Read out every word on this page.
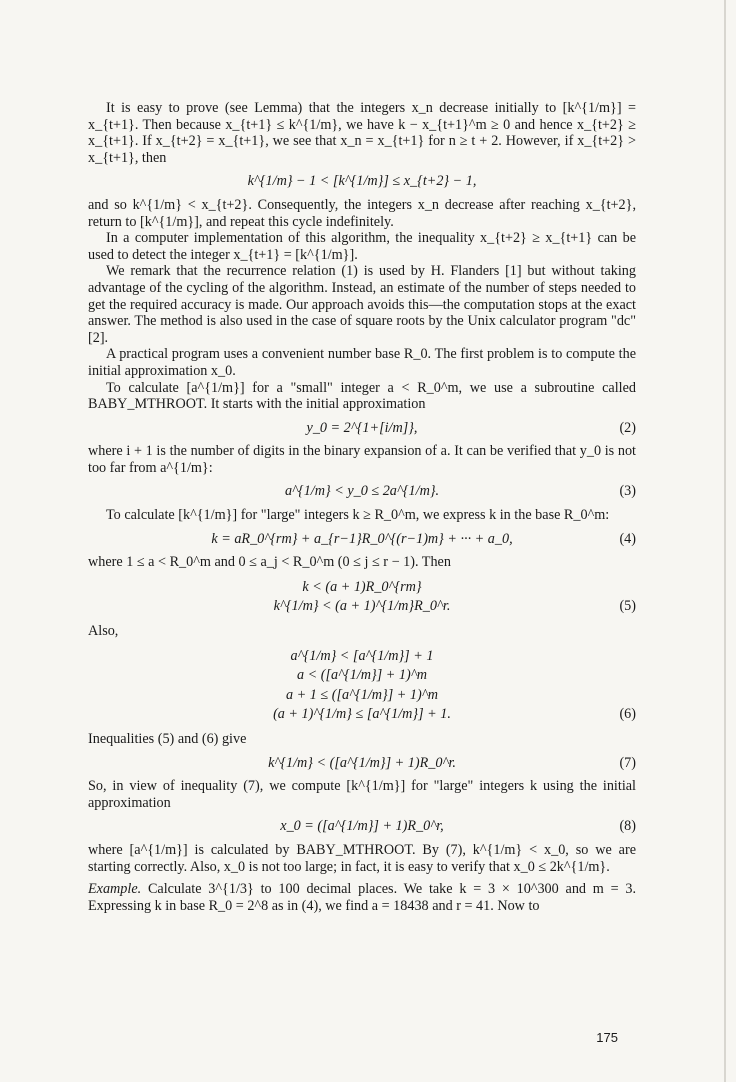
It is easy to prove (see Lemma) that the integers x_n decrease initially to [k^{1/m}] = x_{t+1}. Then because x_{t+1} ≤ k^{1/m}, we have k − x_{t+1}^m ≥ 0 and hence x_{t+2} ≥ x_{t+1}. If x_{t+2} = x_{t+1}, we see that x_n = x_{t+1} for n ≥ t + 2. However, if x_{t+2} > x_{t+1}, then

k^{1/m} − 1 < [k^{1/m}] ≤ x_{t+2} − 1,

and so k^{1/m} < x_{t+2}. Consequently, the integers x_n decrease after reaching x_{t+2}, return to [k^{1/m}], and repeat this cycle indefinitely.

In a computer implementation of this algorithm, the inequality x_{t+2} ≥ x_{t+1} can be used to detect the integer x_{t+1} = [k^{1/m}].

We remark that the recurrence relation (1) is used by H. Flanders [1] but without taking advantage of the cycling of the algorithm. Instead, an estimate of the number of steps needed to get the required accuracy is made. Our approach avoids this—the computation stops at the exact answer. The method is also used in the case of square roots by the Unix calculator program "dc" [2].

A practical program uses a convenient number base R_0. The first problem is to compute the initial approximation x_0.

To calculate [a^{1/m}] for a "small" integer a < R_0^m, we use a subroutine called BABY_MTHROOT. It starts with the initial approximation

y_0 = 2^{1+[i/m]},	(2)

where i + 1 is the number of digits in the binary expansion of a. It can be verified that y_0 is not too far from a^{1/m}:

a^{1/m} < y_0 ≤ 2a^{1/m}.	(3)

To calculate [k^{1/m}] for "large" integers k ≥ R_0^m, we express k in the base R_0^m:

k = aR_0^{rm} + a_{r−1}R_0^{(r−1)m} + ··· + a_0,	(4)

where 1 ≤ a < R_0^m and 0 ≤ a_j < R_0^m (0 ≤ j ≤ r − 1). Then

k < (a + 1)R_0^{rm}
k^{1/m} < (a + 1)^{1/m}R_0^r.	(5)

Also,

a^{1/m} < [a^{1/m}] + 1
a < ([a^{1/m}] + 1)^m
a + 1 ≤ ([a^{1/m}] + 1)^m
(a + 1)^{1/m} ≤ [a^{1/m}] + 1.	(6)

Inequalities (5) and (6) give

k^{1/m} < ([a^{1/m}] + 1)R_0^r.	(7)

So, in view of inequality (7), we compute [k^{1/m}] for "large" integers k using the initial approximation

x_0 = ([a^{1/m}] + 1)R_0^r,	(8)

where [a^{1/m}] is calculated by BABY_MTHROOT. By (7), k^{1/m} < x_0, so we are starting correctly. Also, x_0 is not too large; in fact, it is easy to verify that x_0 ≤ 2k^{1/m}.

Example. Calculate 3^{1/3} to 100 decimal places. We take k = 3 × 10^300 and m = 3. Expressing k in base R_0 = 2^8 as in (4), we find a = 18438 and r = 41. Now to

175
